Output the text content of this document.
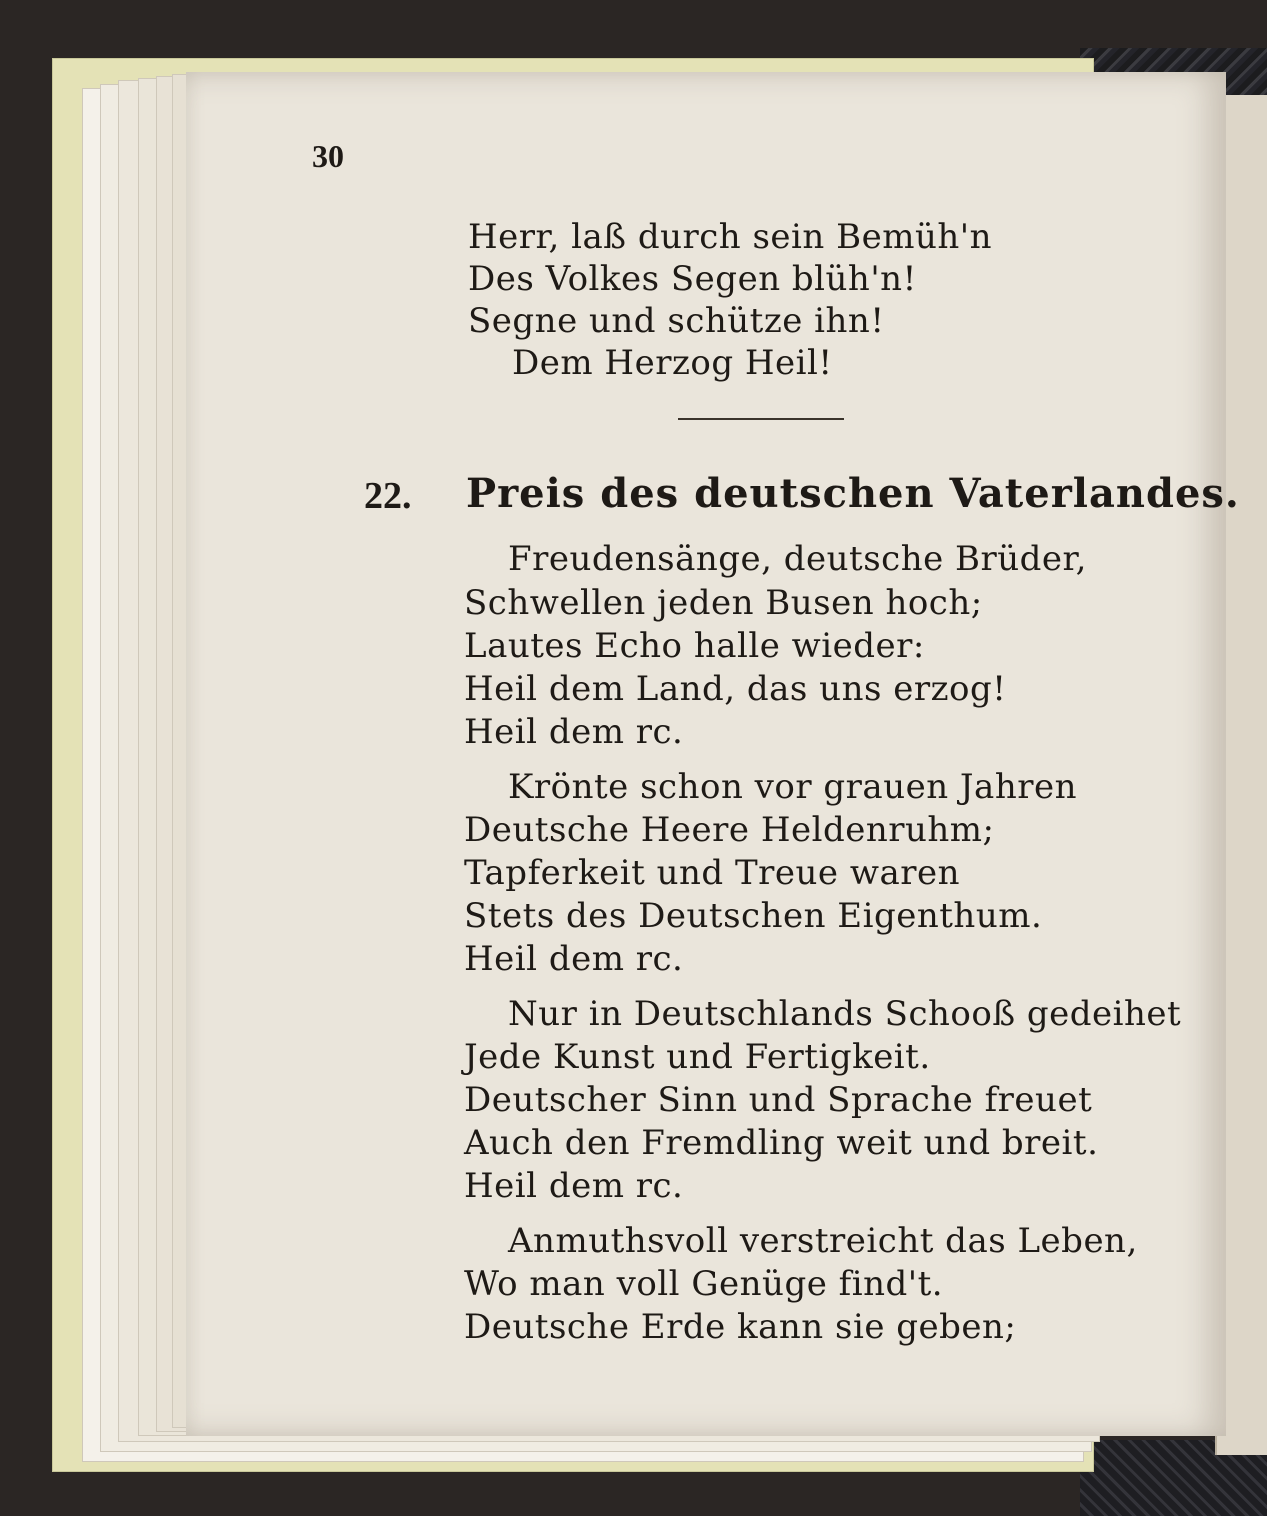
30
Herr, laß durch sein Bemüh'n
Des Volkes Segen blüh'n!
Segne und schütze ihn!
Dem Herzog Heil!
22. Preis des deutschen Vaterlandes.
Freudensänge, deutsche Brüder,
Schwellen jeden Busen hoch;
Lautes Echo halle wieder:
Heil dem Land, das uns erzog!
Heil dem rc.
Krönte schon vor grauen Jahren
Deutsche Heere Heldenruhm;
Tapferkeit und Treue waren
Stets des Deutschen Eigenthum.
Heil dem rc.
Nur in Deutschlands Schooß gedeihet
Jede Kunst und Fertigkeit.
Deutscher Sinn und Sprache freuet
Auch den Fremdling weit und breit.
Heil dem rc.
Anmuthsvoll verstreicht das Leben,
Wo man voll Genüge find't.
Deutsche Erde kann sie geben;
